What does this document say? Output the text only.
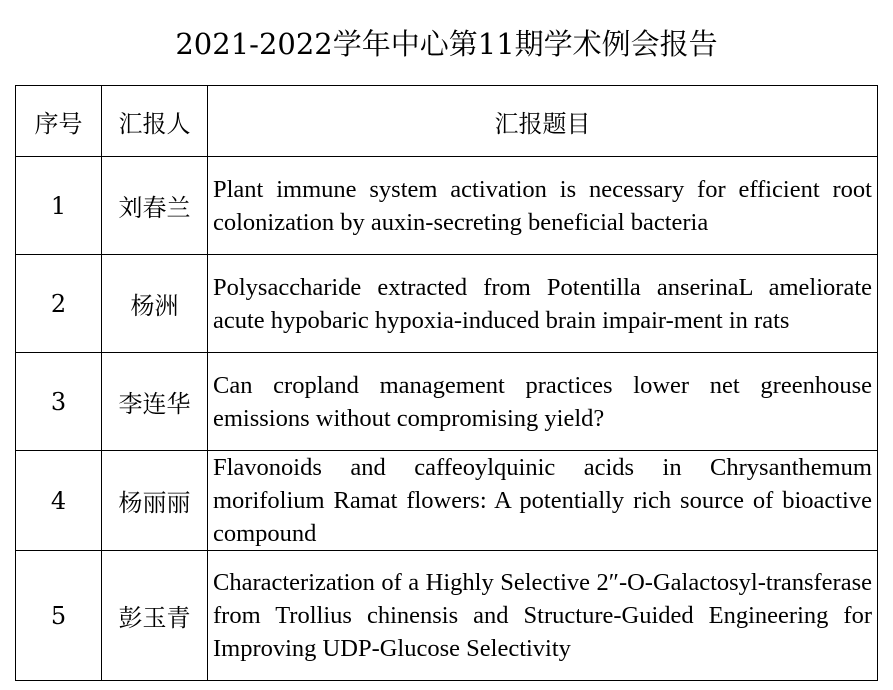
2021-2022学年中心第11期学术例会报告
序号	汇报人	汇报题目
1	刘春兰	Plant immune system activation is necessary for efficient root colonization by auxin-secreting beneficial bacteria
2	杨洲	Polysaccharide extracted from Potentilla anserinaL ameliorate acute hypobaric hypoxia-induced brain impair-ment in rats
3	李连华	Can cropland management practices lower net greenhouse emissions without compromising yield?
4	杨丽丽	Flavonoids and caffeoylquinic acids in Chrysanthemum morifolium Ramat flowers: A potentially rich source of bioactive compound
5	彭玉青	Characterization of a Highly Selective 2″-O-Galactosyl-transferase from Trollius chinensis and Structure-Guided Engineering for Improving UDP-Glucose Selectivity
